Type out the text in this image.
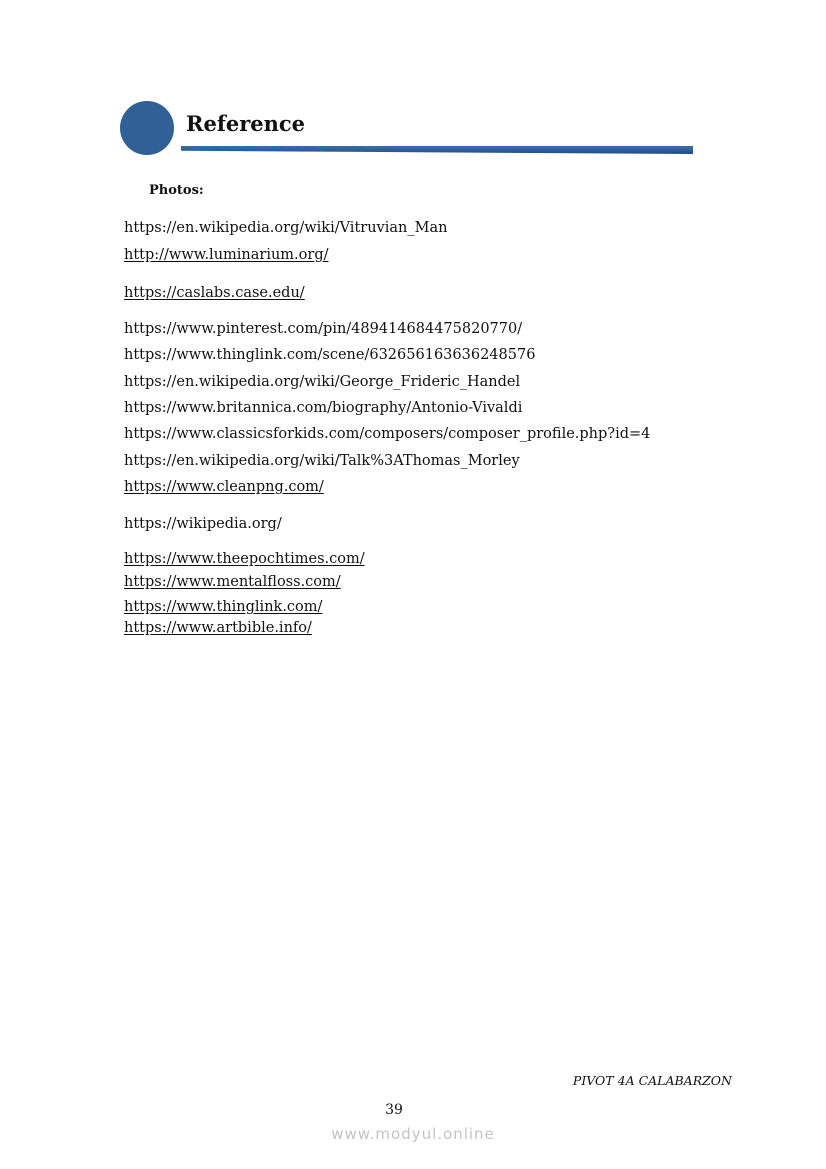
Reference
Photos:
https://en.wikipedia.org/wiki/Vitruvian_Man
http://www.luminarium.org/
https://caslabs.case.edu/
https://www.pinterest.com/pin/489414684475820770/
https://www.thinglink.com/scene/632656163636248576
https://en.wikipedia.org/wiki/George_Frideric_Handel
https://www.britannica.com/biography/Antonio-Vivaldi
https://www.classicsforkids.com/composers/composer_profile.php?id=4
https://en.wikipedia.org/wiki/Talk%3AThomas_Morley
https://www.cleanpng.com/
https://wikipedia.org/
https://www.theepochtimes.com/
https://www.mentalfloss.com/
https://www.thinglink.com/
https://www.artbible.info/
PIVOT 4A CALABARZON
39
www.modyul.online
